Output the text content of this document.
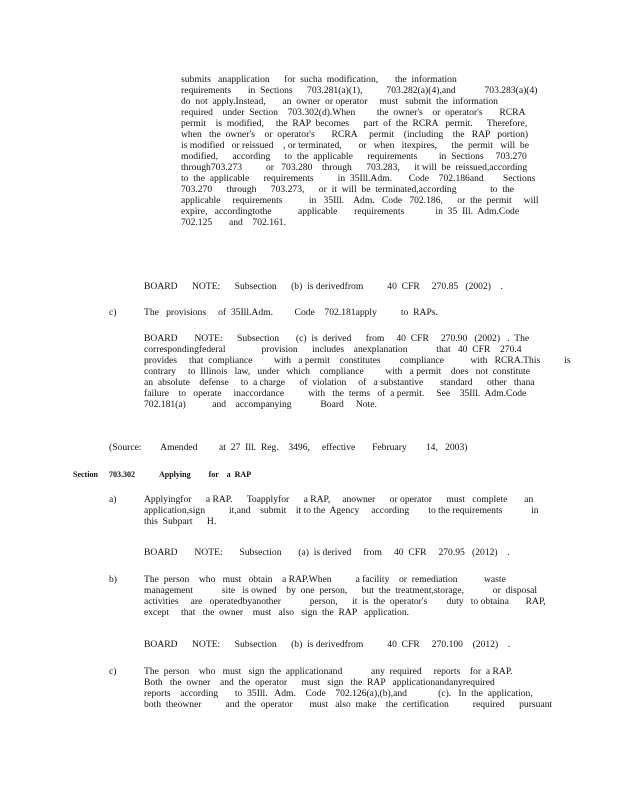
submits   anapplication      for  sucha  modification,       the  information
requirements       in  Sections      703.281(a)(1),          703.282(a)(4),and            703.283(a)(4)
do  not  apply.Instead,       an  owner  or operator     must   submit  the  information
required    under  Section    703.302(d).When         the  owner's    or  operator's       RCRA
permit    is  modified,     the  RAP  becomes      part  of  the  RCRA   permit.      Therefore,
when   the  owner's    or  operator's       RCRA     permit    (including    the   RAP   portion)
is modified   or reissued    , or terminated,       or   when   itexpires,      the  permit   will  be
modified,      according      to  the  applicable      requirements         in  Sections     703.270
through703.273          or   703.280    through      703.283,      it will  be  reissued,according
to  the  applicable      requirements          in  35Ill.Adm.       Code    702.186and        Sections
703.270      through      703.273,      or  it  will  be  terminated,according              to  the
applicable     requirements           in   35Ill.    Adm.   Code   702.186,      or  the  permit     will
expire,   accordingtothe           applicable       requirements             in  35  Ill.  Adm.Code
702.125       and    702.161.
BOARD      NOTE:      Subsection      (b)  is derivedfrom          40  CFR     270.85   (2002)    .
c)	The   provisions     of  35Ill.Adm.         Code    702.181apply          to  RAPs.
BOARD       NOTE:      Subsection       (c)  is  derived      from     40  CFR     270.90   (2002)   .  The
correspondingfederal               provision      includes    anexplanation            that   40  CFR    270.4
provides     that  compliance         with   a permit    constitutes        compliance           with   RCRA.This          is
contrary     to  Illinois   law,   under   which    compliance         with   a permit    does   not  constitute
an  absolute    defense     to  a charge      of  violation     of   a substantive       standard      other   thana
failure    to   operate     inaccordance          with   the  terms   of  a permit.     See    35Ill.  Adm.Code
702.181(a)           and    accompanying            Board     Note.
(Source:        Amended         at  27  Ill.  Reg.    3496,     effective       February        14,   2003)
Section 703.302	Applying         for    a  RAP
a)	Applyingfor      a RAP.      Toapplyfor      a RAP,     anowner      or operator      must   complete       an
application,sign          it,and    submit    it to the  Agency     according        to the requirements            in
this  Subpart      H.
BOARD       NOTE:       Subsection       (a)  is derived     from     40  CFR     270.95   (2012)    .
b)	The  person    who   must   obtain    a RAP.When          a facility    or  remediation           waste
management            site   is owned    by  one  person,      but  the  treatment,storage,            or  disposal
activities     are   operatedbyanother            person,      it  is  the  operator's        duty   to obtaina       RAP,
except     that   the  owner    must   also   sign  the  RAP   application.
BOARD      NOTE:      Subsection      (b)  is derivedfrom          40  CFR     270.100    (2012)    .
c)	The  person    who   must   sign  the  applicationand            any  required     reports    for  a RAP.
Both   the  owner    and  the  operator      must   sign   the  RAP   applicationandanyrequired
reports    according       to  35Ill.   Adm.    Code    702.126(a),(b),and             (c).   In  the  application,
both  theowner          and  the  operator       must   also  make    the  certification          required      pursuant
